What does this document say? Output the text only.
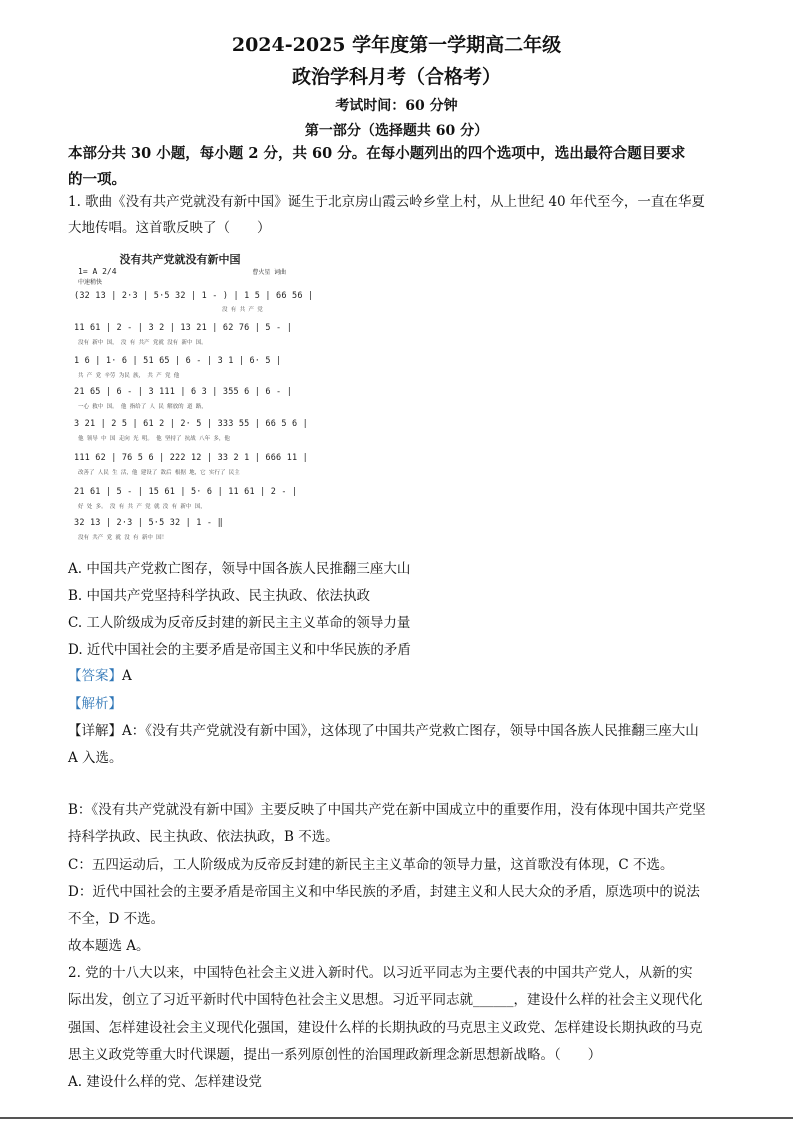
2024-2025 学年度第一学期高二年级
政治学科月考（合格考）
考试时间：60 分钟
第一部分（选择题共 60 分）
本部分共 30 小题，每小题 2 分，共 60 分。在每小题列出的四个选项中，选出最符合题目要求
的一项。
1. 歌曲《没有共产党就没有新中国》诞生于北京房山霞云岭乡堂上村，从上世纪 40 年代至今，一直在华夏
大地传唱。这首歌反映了（　　）
没有共产党就没有新中国
1= A 2/4
中速稍快
曹火星 词曲
(32 13 | 2·3 | 5·5 32 | 1 - ) | 1 5 | 66 56 |
没 有 共 产 党
11 61 | 2 - | 3 2 | 13 21 | 62 76 | 5 - |
没有 新中 国， 没 有 共产 党就 没有 新中 国。
1 6 | 1· 6 | 51 65 | 6 - | 3 1 | 6· 5 |
共 产 党 辛劳 为民 族， 共 产 党 他
21 65 | 6 - | 3 111 | 6 3 | 355 6 | 6 - |
一心 救中 国。 他 指给了 人 民 解放的 道 路，
3 21 | 2 5 | 61 2 | 2· 5 | 333 55 | 66 5 6 |
他 领导 中 国 走向 光 明。 他 坚持了 抗战 八年 多，他
111 62 | 76 5 6 | 222 12 | 33 2 1 | 666 11 |
改善了 人民 生 活，他 建设了 敌后 根据 地，它 实行了 民主
21 61 | 5 - | 15 61 | 5· 6 | 11 61 | 2 - |
好 处 多。 没 有 共 产 党 就 没 有 新中 国，
32 13 | 2·3 | 5·5 32 | 1 - ‖
没有 共产 党 就 没 有 新中 国！
A. 中国共产党救亡图存，领导中国各族人民推翻三座大山
B. 中国共产党坚持科学执政、民主执政、依法执政
C. 工人阶级成为反帝反封建的新民主主义革命的领导力量
D. 近代中国社会的主要矛盾是帝国主义和中华民族的矛盾
【答案】A
【解析】
【详解】A：《没有共产党就没有新中国》，这体现了中国共产党救亡图存，领导中国各族人民推翻三座大山
A 入选。
B：《没有共产党就没有新中国》主要反映了中国共产党在新中国成立中的重要作用，没有体现中国共产党坚
持科学执政、民主执政、依法执政，B 不选。
C：五四运动后，工人阶级成为反帝反封建的新民主主义革命的领导力量，这首歌没有体现，C 不选。
D：近代中国社会的主要矛盾是帝国主义和中华民族的矛盾，封建主义和人民大众的矛盾，原选项中的说法
不全，D 不选。
故本题选 A。
2. 党的十八大以来，中国特色社会主义进入新时代。以习近平同志为主要代表的中国共产党人，从新的实
际出发，创立了习近平新时代中国特色社会主义思想。习近平同志就______，建设什么样的社会主义现代化
强国、怎样建设社会主义现代化强国，建设什么样的长期执政的马克思主义政党、怎样建设长期执政的马克
思主义政党等重大时代课题，提出一系列原创性的治国理政新理念新思想新战略。（　　）
A. 建设什么样的党、怎样建设党
